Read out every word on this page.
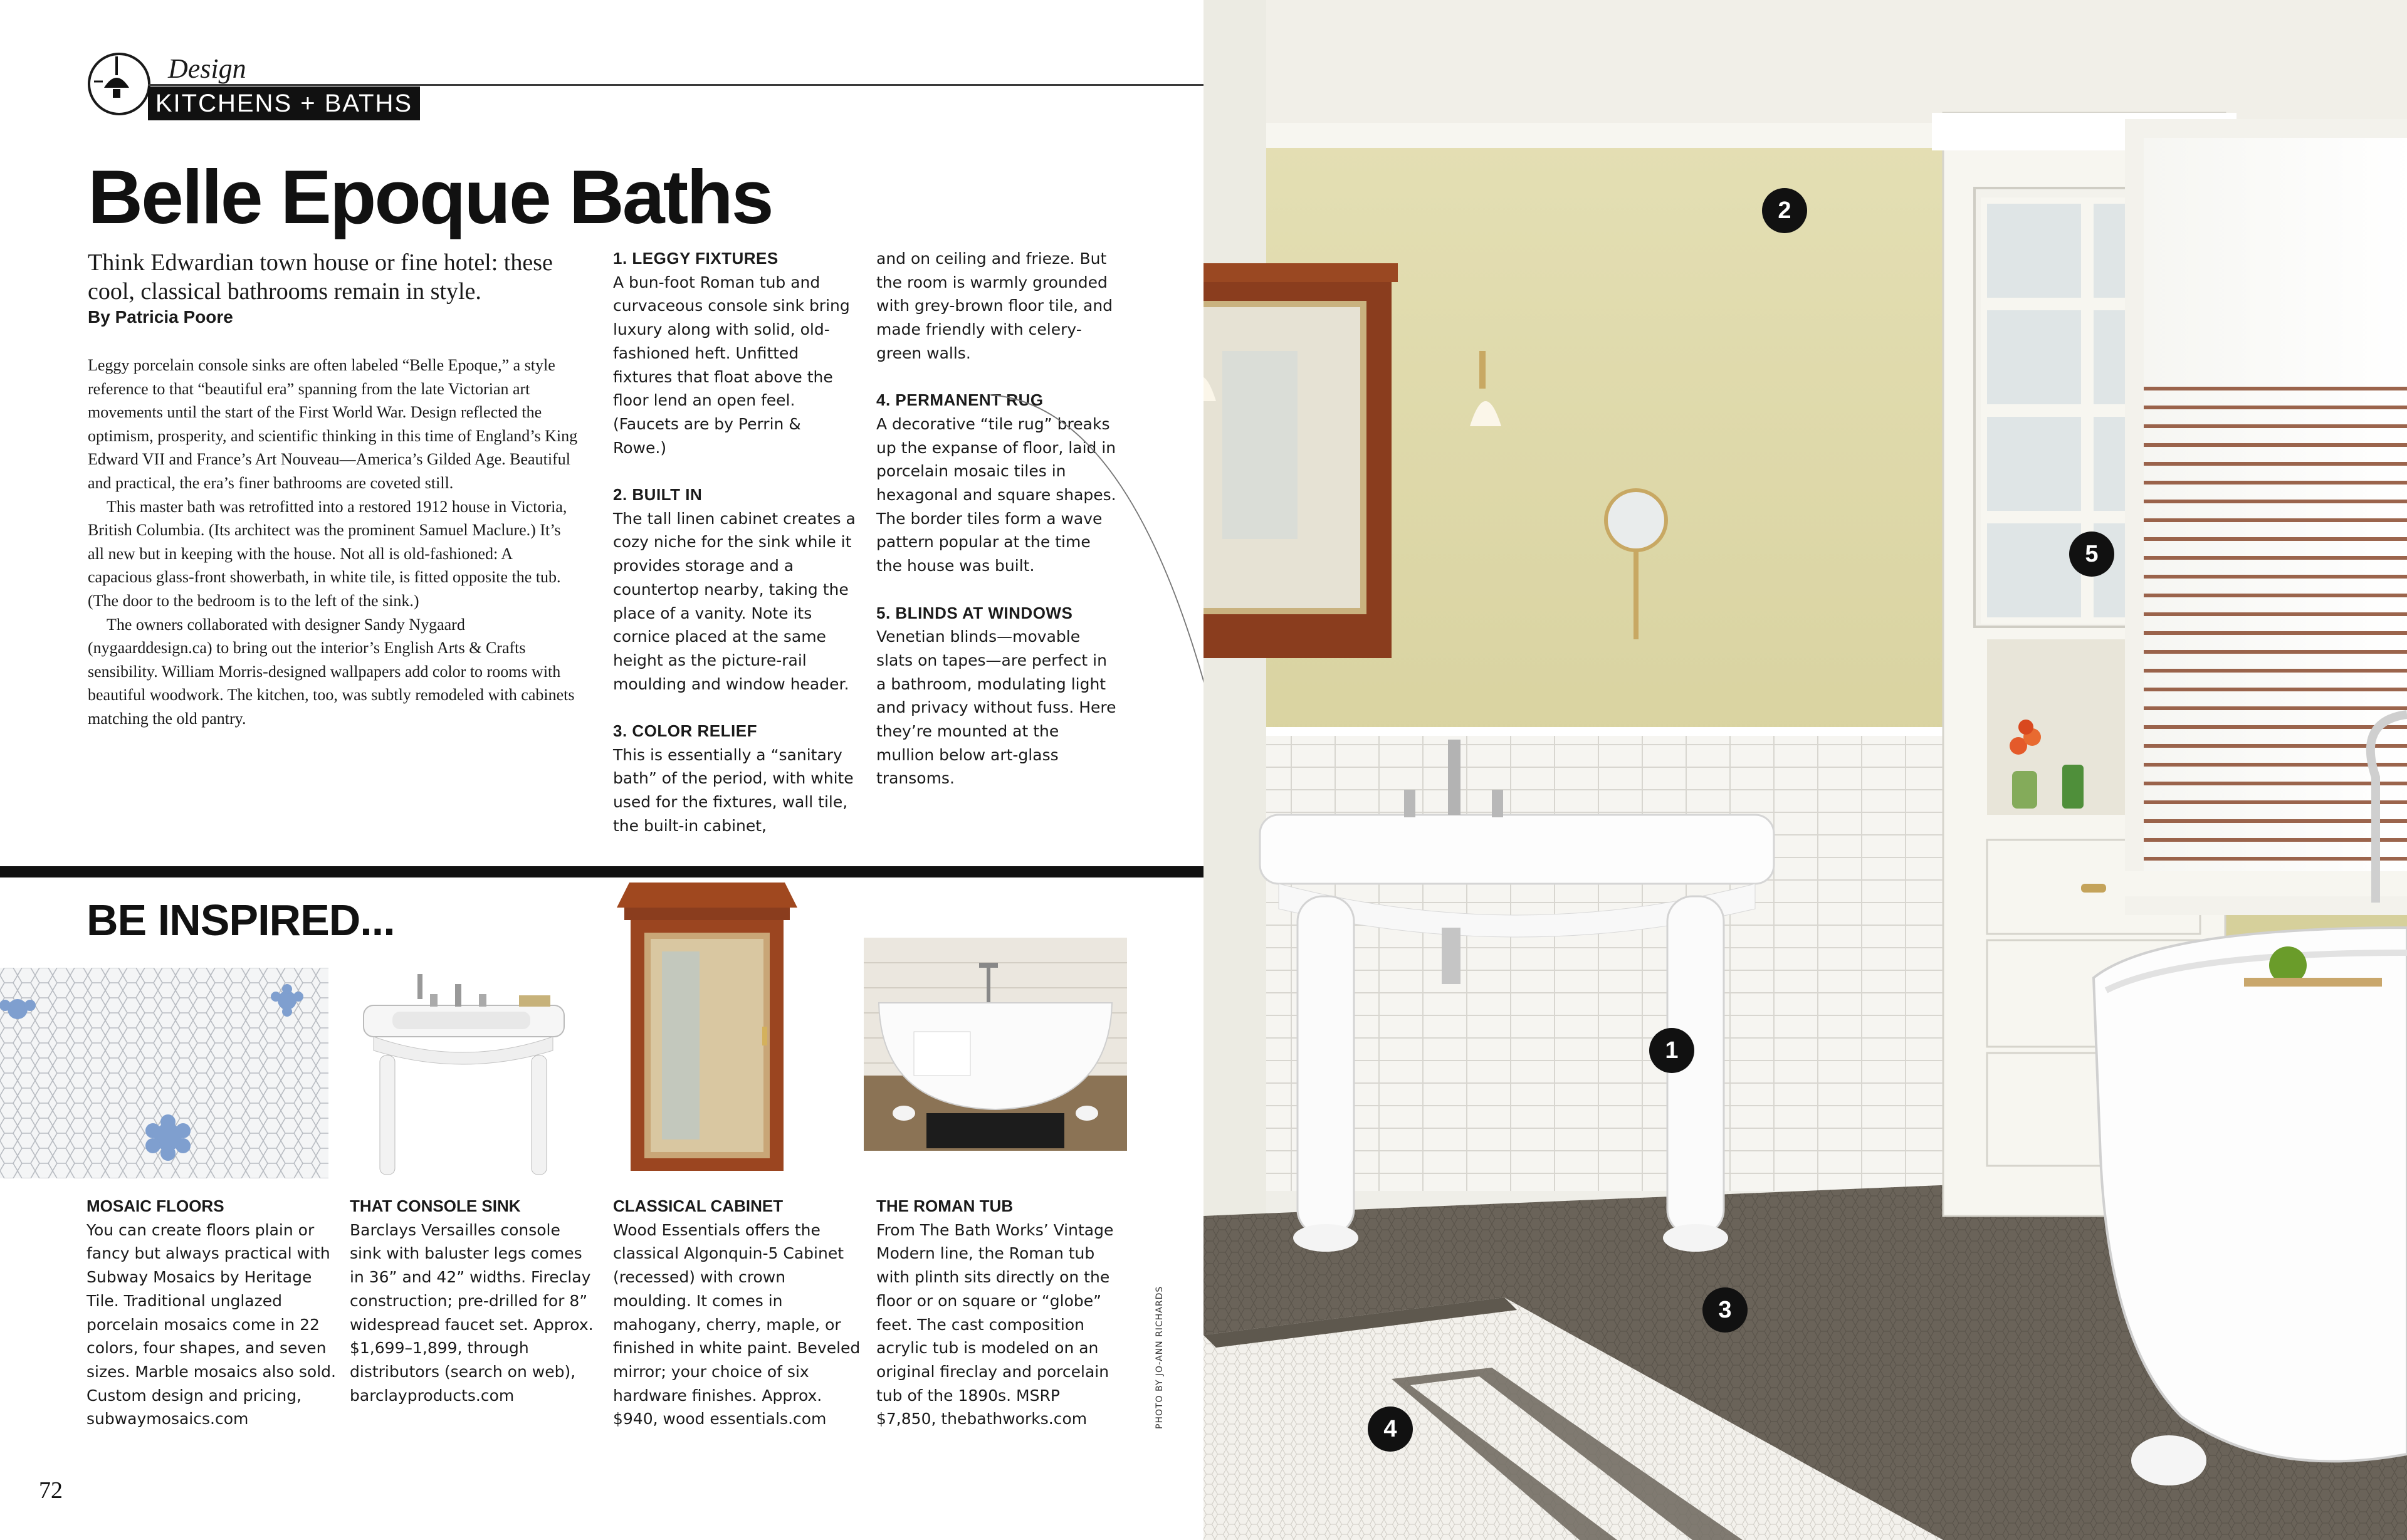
Design
KITCHENS + BATHS
Belle Epoque Baths
Think Edwardian town house or fine hotel: these cool, classical bathrooms remain in style.
By Patricia Poore

Leggy porcelain console sinks are often labeled “Belle Epoque,” a style reference to that “beautiful era” spanning from the late Victorian art movements until the start of the First World War. Design reflected the optimism, prosperity, and scientific thinking in this time of England’s King Edward VII and France’s Art Nouveau—America’s Gilded Age. Beautiful and practical, the era’s finer bathrooms are coveted still.

This master bath was retrofitted into a restored 1912 house in Victoria, British Columbia. (Its architect was the prominent Samuel Maclure.) It’s all new but in keeping with the house. Not all is old-fashioned: A capacious glass-front showerbath, in white tile, is fitted opposite the tub. (The door to the bedroom is to the left of the sink.)

The owners collaborated with designer Sandy Nygaard (nygaarddesign.ca) to bring out the interior’s English Arts & Crafts sensibility. William Morris-designed wallpapers add color to rooms with beautiful woodwork. The kitchen, too, was subtly remodeled with cabinets matching the old pantry.

1. LEGGY FIXTURES

A bun-foot Roman tub and curvaceous console sink bring luxury along with solid, old-fashioned heft. Unfitted fixtures that float above the floor lend an open feel. (Faucets are by Perrin & Rowe.)

2. BUILT IN

The tall linen cabinet creates a cozy niche for the sink while it provides storage and a countertop nearby, taking the place of a vanity. Note its cornice placed at the same height as the picture-rail moulding and window header.

3. COLOR RELIEF

This is essentially a “sanitary bath” of the period, with white used for the fixtures, wall tile, the built-in cabinet,

and on ceiling and frieze. But the room is warmly grounded with grey-brown floor tile, and made friendly with celery-green walls.

4. PERMANENT RUG

A decorative “tile rug” breaks up the expanse of floor, laid in porcelain mosaic tiles in hexagonal and square shapes. The border tiles form a wave pattern popular at the time the house was built.

5. BLINDS AT WINDOWS

Venetian blinds—movable slats on tapes—are perfect in a bathroom, modulating light and privacy without fuss. Here they’re mounted at the mullion below art-glass transoms.

BE INSPIRED...

MOSAIC FLOORS

You can create floors plain or fancy but always practical with Subway Mosaics by Heritage Tile. Traditional unglazed porcelain mosaics come in 22 colors, four shapes, and seven sizes. Marble mosaics also sold. Custom design and pricing, subwaymosaics.com

THAT CONSOLE SINK

Barclays Versailles console sink with baluster legs comes in 36” and 42” widths. Fireclay construction; pre-drilled for 8” widespread faucet set. Approx. $1,699–1,899, through distributors (search on web), barclayproducts.com

CLASSICAL CABINET

Wood Essentials offers the classical Algonquin-5 Cabinet (recessed) with crown moulding. It comes in mahogany, cherry, maple, or finished in white paint. Beveled mirror; your choice of six hardware finishes. Approx. $940, wood essentials.com

THE ROMAN TUB

From The Bath Works’ Vintage Modern line, the Roman tub with plinth sits directly on the floor or on square or “globe” feet. The cast composition acrylic tub is modeled on an original fireclay and porcelain tub of the 1890s. MSRP $7,850, thebathworks.com

72
PHOTO BY JO-ANN RICHARDS
2
5
1
3
4
